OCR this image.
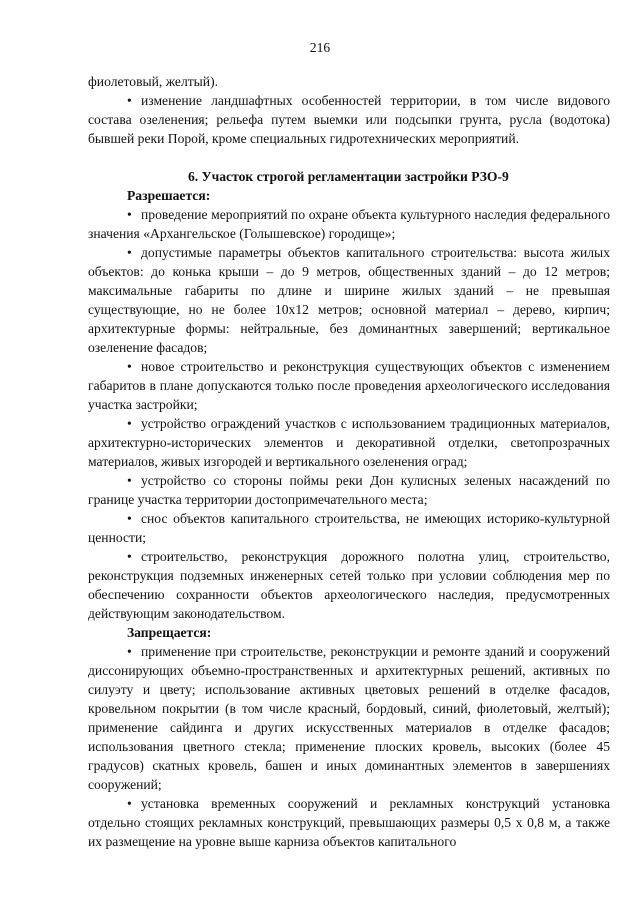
216

фиолетовый, желтый).

• изменение ландшафтных особенностей территории, в том числе видового состава озеленения; рельефа путем выемки или подсыпки грунта, русла (водотока) бывшей реки Порой, кроме специальных гидротехнических мероприятий.

6. Участок строгой регламентации застройки РЗО-9

Разрешается:

• проведение мероприятий по охране объекта культурного наследия федерального значения «Архангельское (Голышевское) городище»;

• допустимые параметры объектов капитального строительства: высота жилых объектов: до конька крыши – до 9 метров, общественных зданий – до 12 метров; максимальные габариты по длине и ширине жилых зданий – не превышая существующие, но не более 10х12 метров; основной материал – дерево, кирпич; архитектурные формы: нейтральные, без доминантных завершений; вертикальное озеленение фасадов;

• новое строительство и реконструкция существующих объектов с изменением габаритов в плане допускаются только после проведения археологического исследования участка застройки;

• устройство ограждений участков с использованием традиционных материалов, архитектурно-исторических элементов и декоративной отделки, светопрозрачных материалов, живых изгородей и вертикального озеленения оград;

• устройство со стороны поймы реки Дон кулисных зеленых насаждений по границе участка территории достопримечательного места;

• снос объектов капитального строительства, не имеющих историко-культурной ценности;

• строительство, реконструкция дорожного полотна улиц, строительство, реконструкция подземных инженерных сетей только при условии соблюдения мер по обеспечению сохранности объектов археологического наследия, предусмотренных действующим законодательством.

Запрещается:

• применение при строительстве, реконструкции и ремонте зданий и сооружений диссонирующих объемно-пространственных и архитектурных решений, активных по силуэту и цвету; использование активных цветовых решений в отделке фасадов, кровельном покрытии (в том числе красный, бордовый, синий, фиолетовый, желтый); применение сайдинга и других искусственных материалов в отделке фасадов; использования цветного стекла; применение плоских кровель, высоких (более 45 градусов) скатных кровель, башен и иных доминантных элементов в завершениях сооружений;

• установка временных сооружений и рекламных конструкций установка отдельно стоящих рекламных конструкций, превышающих размеры 0,5 х 0,8 м, а также их размещение на уровне выше карниза объектов капитального
